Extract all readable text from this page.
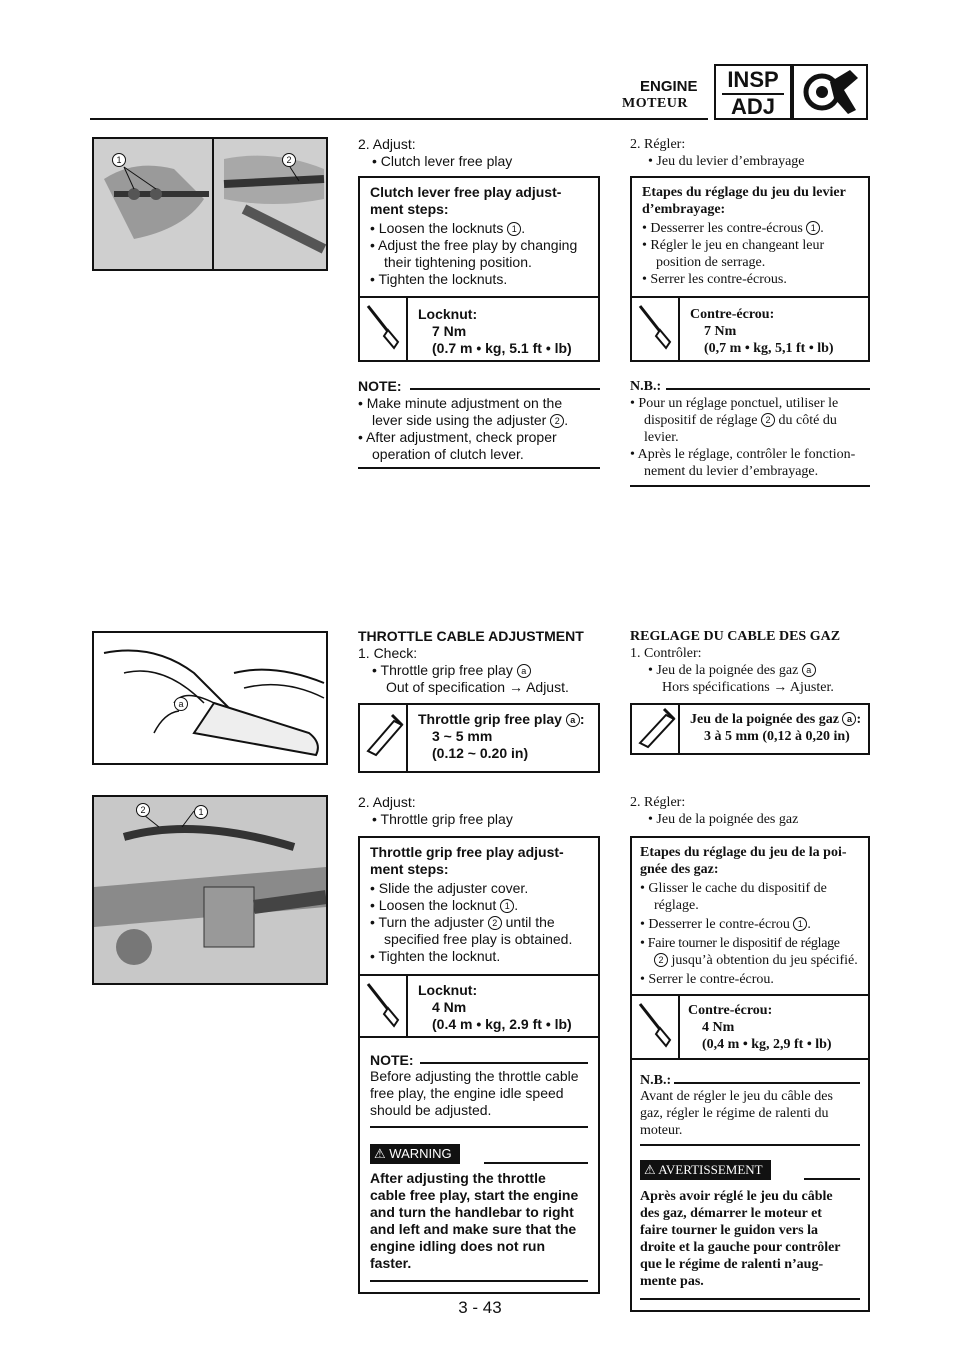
ENGINE
MOTEUR
INSP
ADJ
1	2
2. Adjust:
• Clutch lever free play
Clutch lever free play adjust-
ment steps:
• Loosen the locknuts 1 .
• Adjust the free play by changing
their tightening position.
• Tighten the locknuts.
Locknut:
7 Nm
(0.7 m • kg, 5.1 ft • lb)
NOTE:
• Make minute adjustment on the
lever side using the adjuster 2 .
• After adjustment, check proper
operation of clutch lever.
2. Régler:
• Jeu du levier d’embrayage
Etapes du réglage du jeu du levier
d’embrayage:
• Desserrer les contre-écrous 1 .
• Régler le jeu en changeant leur
position de serrage.
• Serrer les contre-écrous.
Contre-écrou:
7 Nm
(0,7 m • kg, 5,1 ft • lb)
N.B.:
• Pour un réglage ponctuel, utiliser le
dispositif de réglage 2 du côté du
levier.
• Après le réglage, contrôler le fonction-
nement du levier d’embrayage.
a
2	1
THROTTLE CABLE ADJUSTMENT
1. Check:
• Throttle grip free play a
Out of specification → Adjust.
Throttle grip free play a :
3 ~ 5 mm
(0.12 ~ 0.20 in)
2. Adjust:
• Throttle grip free play
Throttle grip free play adjust-
ment steps:
• Slide the adjuster cover.
• Loosen the locknut 1 .
• Turn the adjuster 2 until the
specified free play is obtained.
• Tighten the locknut.
Locknut:
4 Nm
(0.4 m • kg, 2.9 ft • lb)
NOTE:
Before adjusting the throttle cable
free play, the engine idle speed
should be adjusted.
⚠ WARNING
After adjusting the throttle
cable free play, start the engine
and turn the handlebar to right
and left and make sure that the
engine idling does not run
faster.
REGLAGE DU CABLE DES GAZ
1. Contrôler:
• Jeu de la poignée des gaz a
Hors spécifications → Ajuster.
Jeu de la poignée des gaz a :
3 à 5 mm (0,12 à 0,20 in)
2. Régler:
• Jeu de la poignée des gaz
Etapes du réglage du jeu de la poi-
gnée des gaz:
• Glisser le cache du dispositif de
réglage.
• Desserrer le contre-écrou 1 .
• Faire tourner le dispositif de réglage
2 jusqu’à obtention du jeu spécifié.
• Serrer le contre-écrou.
Contre-écrou:
4 Nm
(0,4 m • kg, 2,9 ft • lb)
N.B.:
Avant de régler le jeu du câble des
gaz, régler le régime de ralenti du
moteur.
⚠ AVERTISSEMENT
Après avoir réglé le jeu du câble
des gaz, démarrer le moteur et
faire tourner le guidon vers la
droite et la gauche pour contrôler
que le régime de ralenti n’aug-
mente pas.
3 - 43
